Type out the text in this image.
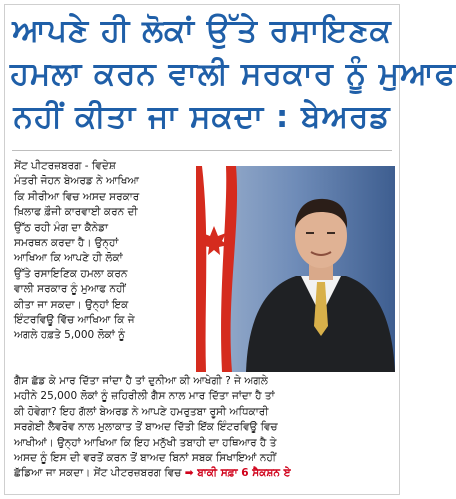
ਆਪਣੇ ਹੀ ਲੋਕਾਂ ਉੱਤੇ ਰਸਾਇਣਕ
ਹਮਲਾ ਕਰਨ ਵਾਲੀ ਸਰਕਾਰ ਨੂੰ ਮੁਆਫ
ਨਹੀਂ ਕੀਤਾ ਜਾ ਸਕਦਾ : ਬੇਅਰਡ
ਸੇਂਟ ਪੀਟਰਜ਼ਬਰਗ - ਵਿਦੇਸ਼
ਮੰਤਰੀ ਜੋਹਨ ਬੇਅਰਡ ਨੇ ਆਖਿਆ
ਕਿ ਸੀਰੀਆ ਵਿਚ ਅਸਦ ਸਰਕਾਰ
ਖ਼ਿਲਾਫ ਫ਼ੌਜੀ ਕਾਰਵਾਈ ਕਰਨ ਦੀ
ਉੱਠ ਰਹੀ ਮੰਗ ਦਾ ਕੈਨੇਡਾ
ਸਮਰਥਨ ਕਰਦਾ ਹੈ। ਉਨ੍ਹਾਂ
ਆਖਿਆ ਕਿ ਆਪਣੇ ਹੀ ਲੋਕਾਂ
ਉੱਤੇ ਰਸਾਇਣਿਕ ਹਮਲਾ ਕਰਨ
ਵਾਲੀ ਸਰਕਾਰ ਨੂੰ ਮੁਆਫ ਨਹੀਂ
ਕੀਤਾ ਜਾ ਸਕਦਾ। ਉਨ੍ਹਾਂ ਇਕ
ਇੰਟਰਵਿਊ ਵਿੱਚ ਆਖਿਆ ਕਿ ਜੇ
ਅਗਲੇ ਹਫ਼ਤੇ 5,000 ਲੋਕਾਂ ਨੂੰ
ਗੈਸ ਛੱਡ ਕੇ ਮਾਰ ਦਿੱਤਾ ਜਾਂਦਾ ਹੈ ਤਾਂ ਦੁਨੀਆ ਕੀ ਆਖੇਗੀ ? ਜੇ ਅਗਲੇ
ਮਹੀਨੇ 25,000 ਲੋਕਾਂ ਨੂੰ ਜ਼ਹਿਰੀਲੀ ਗੈਸ ਨਾਲ ਮਾਰ ਦਿੱਤਾ ਜਾਂਦਾ ਹੈ ਤਾਂ
ਕੀ ਹੋਵੇਗਾ? ਇਹ ਗੱਲਾਂ ਬੇਅਰਡ ਨੇ ਆਪਣੇ ਹਮਰੁਤਬਾ ਰੂਸੀ ਅਧਿਕਾਰੀ
ਸਰਗੇਈ ਲੈਵਰੋਵ ਨਾਲ ਮੁਲਾਕਾਤ ਤੋਂ ਬਾਅਦ ਦਿੱਤੀ ਇੱਕ ਇੰਟਰਵਿਊ ਵਿਚ
ਆਖੀਆਂ। ਉਨ੍ਹਾਂ ਆਖਿਆ ਕਿ ਇਹ ਮਨੁੱਖੀ ਤਬਾਹੀ ਦਾ ਹਥਿਆਰ ਹੈ ਤੇ
ਅਸਦ ਨੂੰ ਇਸ ਦੀ ਵਰਤੋਂ ਕਰਨ ਤੋਂ ਬਾਅਦ ਬਿਨਾਂ ਸਬਕ ਸਿਖਾਇਆਂ ਨਹੀਂ
ਛੱਡਿਆ ਜਾ ਸਕਦਾ। ਸੇਂਟ ਪੀਟਰਜ਼ਬਰਗ ਵਿਚ ➡ ਬਾਕੀ ਸਫ਼ਾ 6 ਸੈਕਸ਼ਨ ਏ
